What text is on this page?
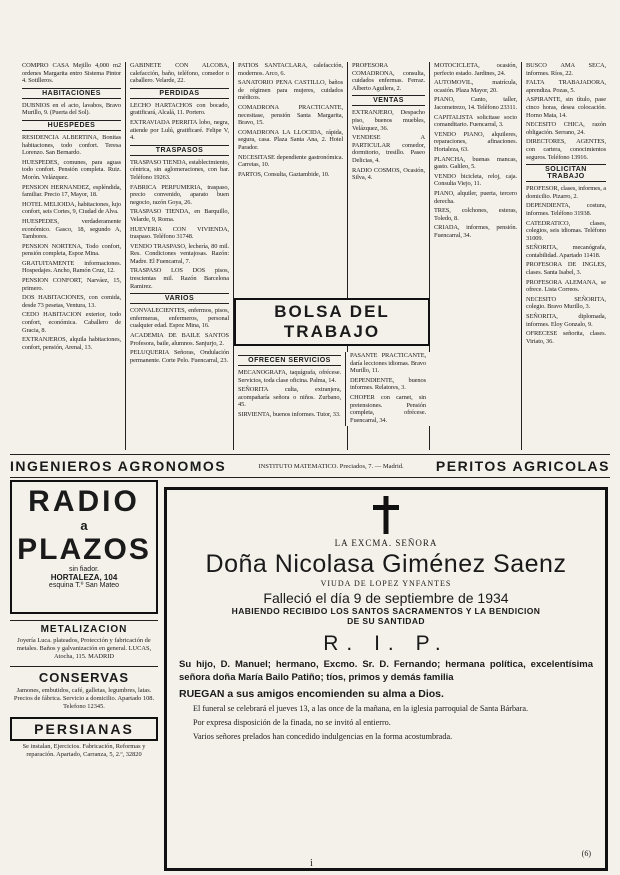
COMPRO CASA Mejillo 4,000 m2 ordenes Margarita entro Sistema Pintor 4. Sotilleros.
HABITACIONES
DUBNIOS en el acto, lavabos, Bravo Murillo, 9. (Puerta del Sol).
HUESPEDES
RESIDENCIA ALBERTINA, Bonitas habitaciones, todo confort. Teresa Lorenzo. San Bernardo.
HUESPEDES, comunes, para aguas todo confort. Pensión completa. Ruiz. Morón. Velázquez.
PENSION HERNANDEZ, espléndida, familiar. Precio 17, Mayor, 18.
HOTEL MELIOIDA, habitaciones, lujo confort, seis Cortes, 9, Ciudad de Alva.
HUESPEDES, verdaderamente económico. Gasco, 18, segundo A, Tambores.
PENSION NORTENA, Todo confort, pensión completa, Espoz Mina.
GRATUITAMENTE informaciones. Hospedajes. Ancho, Ramón Cruz, 12.
PENSION CONFORT, Narváez, 15, primero.
DOS HABITACIONES, con comida, desde 73 pesetas, Ventura, 13.
CEDO HABITACION exterior, todo confort, económica. Caballero de Gracia, 8.
EXTRANJEROS, alquila habitaciones, confort, pensión, Arenal, 13.
GABINETE CON ALCOBA, calefacción, baño, teléfono, comedor o caballero. Velarde, 22.
PERDIDAS
LECHO HARTACHOS con bocado, gratificará, Alcalá, 11. Portero.
EXTRAVIADA PERRITA lobo, negra, atiende por Lulú, gratificaré. Felipe V, 4.
TRASPASOS
TRASPASO TIENDA, establecimiento, céntrica, sin aglomeraciones, con bar. Teléfono 19263.
FABRICA PERFUMERIA, traspaso, precio convenido, aparato buen negocio, razón Goya, 26.
TRASPASO TIENDA, en Barquillo, Velarde, 9, Roma.
HUEVERIA CON VIVIENDA, traspaso. Teléfono 31748.
VENDO TRASPASO, lechería, 80 mil. Res. Condiciones ventajosas. Razón: Madre. El Fuencarral, 7.
TRASPASO LOS DOS pisos, trescientas mil. Razón Barcelona Ramirez.
VARIOS
CONVALECIENTES, enfermos, pisos, enfermeras, enfermeros, personal cualquier edad. Espoz Mina, 16.
ACADEMIA DE BAILE SANTOS Profesora, baile, alumnos. Sanjurjo, 2.
PELUQUERIA Señoras, Ondulación permanente. Corte Pelo. Fuencarral, 23.
PATIOS SANTACLARA, calefacción, modernos. Arco, 6.
SANATORIO PENA CASTILLO, baños de régimen para mujeres, cuidados médicos.
COMADRONA PRACTICANTE, necesitase, pensión Santa Margarita, Bravo, 15.
COMADRONA LA LLOCIDA, rápida, segura, casa. Plaza Santa Ana, 2. Hotel Parador.
NECESITASE dependiente gastronómica. Carretas, 10.
PARTOS, Consulta, Gaztambide, 10.
PROFESORA COMADRONA, consulta, cuidados enfermas. Ferraz. Alberto Aguilera, 2.
VENTAS
EXTRANJERO, Despacho piso, buenos muebles, Velázquez, 36.
VENDESE A PARTICULAR comedor, dormitorio, tresillo. Paseo Delicias, 4.
RADIO COSMOS, Ocasión, Silva, 4.
MOTOCICLETA, ocasión, perfecto estado. Jardines, 24.
AUTOMOVIL, matrícula, ocasión. Plaza Mayor, 20.
PIANO, Canto, taller, Jacometrezo, 14. Teléfono 23311.
CAPITALISTA solicitase socio comanditario. Fuencarral, 3.
VENDO PIANO, alquileres, reparaciones, afinaciones. Hortaleza, 63.
PLANCHA, buenas mancas, gasto. Galileo, 5.
VENDO bicicleta, reloj, caja. Consulta Viejo, 11.
PIANO, alquiler, puerta, tercero derecha.
TRES, colchones, esteras, Toledo, 8.
CRIADA, informes, pensión. Fuencarral, 34.
BUSCO AMA SECA, informes. Ríos, 22.
FALTA TRABAJADORA, aprendiza. Pozas, 5.
ASPIRANTE, sin título, pase cinco horas, desea colocación. Horno Mata, 14.
NECESITO CHICA, razón obligación. Serrano, 24.
DIRECTORES, AGENTES, con cartera, conocimientos seguros. Teléfono 13916.
SOLICITAN TRABAJO
PROFESOR, clases, informes, a domicilio. Pizarro, 2.
DEPENDIENTA, costura, informes. Teléfono 31938.
CATEDRATICO, clases, colegios, seis idiomas. Teléfono 31009.
SEÑORITA, mecanógrafa, contabilidad. Apartado 11418.
PROFESORA DE INGLES, clases. Santa Isabel, 3.
PROFESORA ALEMANA, se ofrece. Lista Correos.
NECESITO SEÑORITA, colegio. Bravo Murillo, 3.
SEÑORITA, diplomada, informes. Eloy Gonzalo, 9.
OFRECESE señorita, clases. Viriato, 36.
BOLSA DEL TRABAJO
OFRECEN SERVICIOS
MECANOGRAFA, taquígrafa, ofrécese. Servicios, toda clase oficina. Palma, 14.
SEÑORITA culta, extranjera, acompañaría señora o niños. Zurbano, 45.
SIRVIENTA, buenos informes. Tutor, 33.
PASANTE PRACTICANTE, daría lecciones idiomas. Bravo Murillo, 11.
DEPENDIENTE, buenos informes. Relatores, 3.
CHOFER con carnet, sin pretensiones. Pensión completa, ofrécese. Fuencarral, 34.
INGENIEROS AGRONOMOS	INSTITUTO MATEMATICO. Preciados, 7. — Madrid. PERITOS AGRICOLAS
RADIO
a
PLAZOS
sin fiador.
HORTALEZA, 104
esquina T.º San Mateo
METALIZACION
Joyería Luca. plateados, Protección y fabricación de metales. Baños y galvanización en general. LUCAS, Atocha, 115. MADRID
CONSERVAS
Jamones, embutidos, café, galletas, legumbres, latas. Precios de fábrica. Servicio a domicilio. Apartado 108. Telefono 12345.
PERSIANAS
Se instalan, Ejercicios. Fabricación, Reformas y reparación. Apartado, Carranza, 5, 2.º, 32820
LA EXCMA. SEÑORA
Doña Nicolasa Giménez Saenz
VIUDA DE LOPEZ YNFANTES
Falleció el día 9 de septiembre de 1934
HABIENDO RECIBIDO LOS SANTOS SACRAMENTOS Y LA BENDICION
DE SU SANTIDAD
R. I. P.
Su hijo, D. Manuel; hermano, Excmo. Sr. D. Fernando; hermana política, excelentísima señora doña María Bailo Patiño; tíos, primos y demás familia
RUEGAN a sus amigos encomienden su alma a Dios.
El funeral se celebrará el jueves 13, a las once de la mañana, en la iglesia parroquial de Santa Bárbara.
Por expresa disposición de la finada, no se invitó al entierro.
Varios señores prelados han concedido indulgencias en la forma acostumbrada.
(6)
i
